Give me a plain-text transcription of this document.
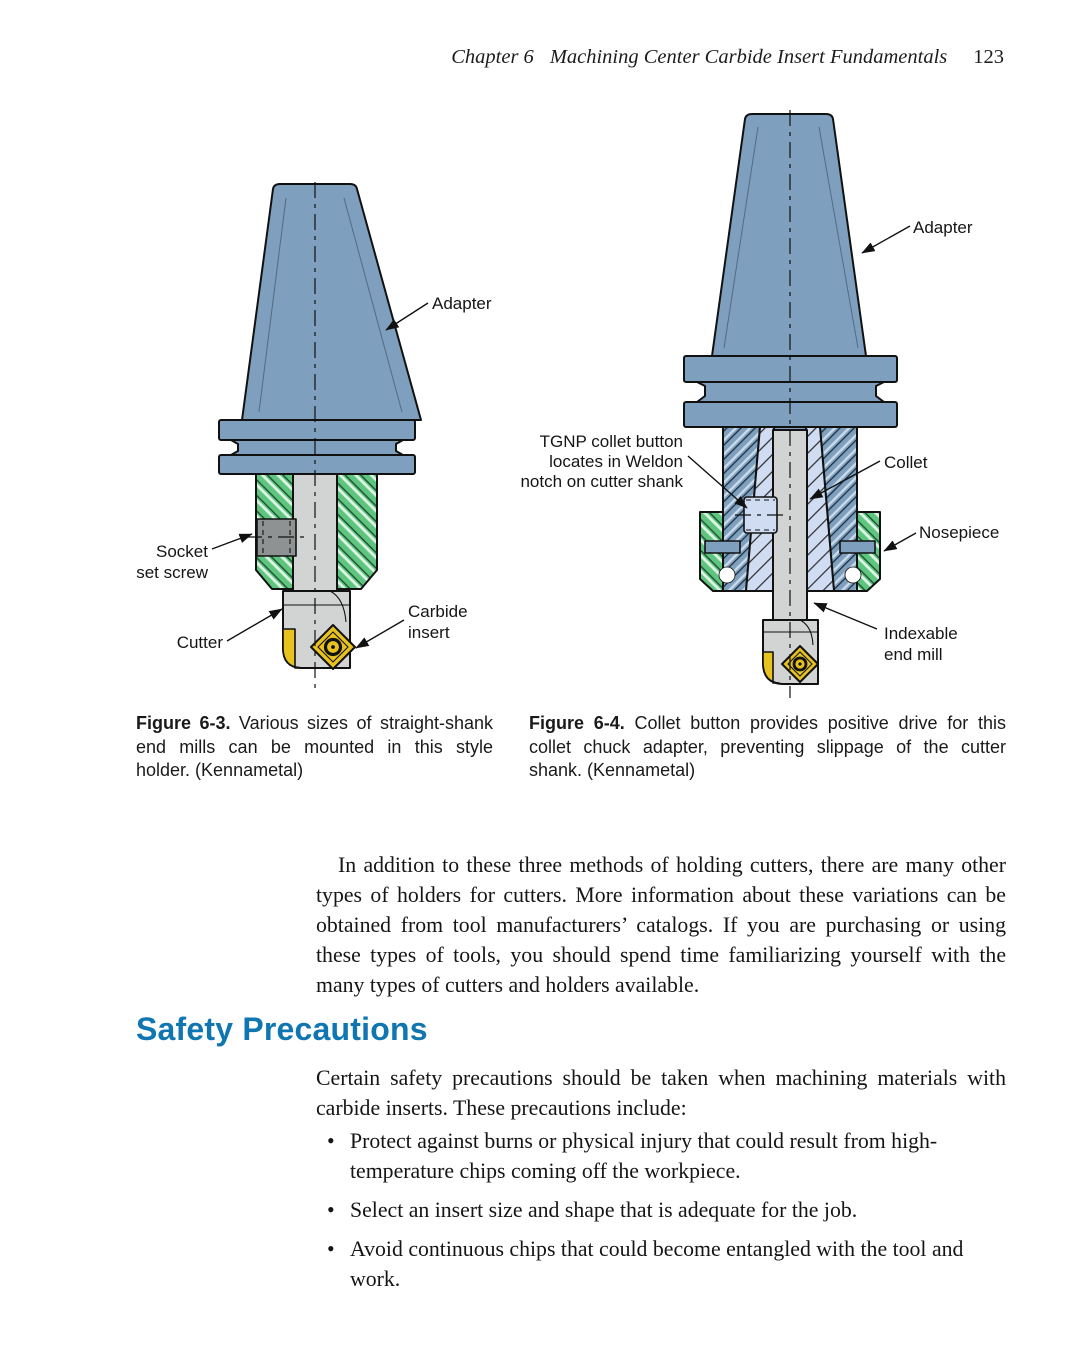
Chapter 6 Machining Center Carbide Insert Fundamentals 123
Adapter
Socket
set screw
Cutter
Carbide
insert
Adapter
TGNP collet button
locates in Weldon
notch on cutter shank
Collet
Nosepiece
Indexable
end mill

Figure 6-3. Various sizes of straight-shank end mills can be mounted in this style holder. (Kennametal)

Figure 6-4. Collet button provides positive drive for this collet chuck adapter, preventing slippage of the cutter shank. (Kennametal)

In addition to these three methods of holding cutters, there are many other types of holders for cutters. More information about these variations can be obtained from tool manufacturers’ catalogs. If you are purchasing or using these types of tools, you should spend time familiarizing yourself with the many types of cutters and holders available.

Safety Precautions

Certain safety precautions should be taken when machining materials with carbide inserts. These precautions include:

• Protect against burns or physical injury that could result from high-temperature chips coming off the workpiece.
• Select an insert size and shape that is adequate for the job.
• Avoid continuous chips that could become entangled with the tool and work.
